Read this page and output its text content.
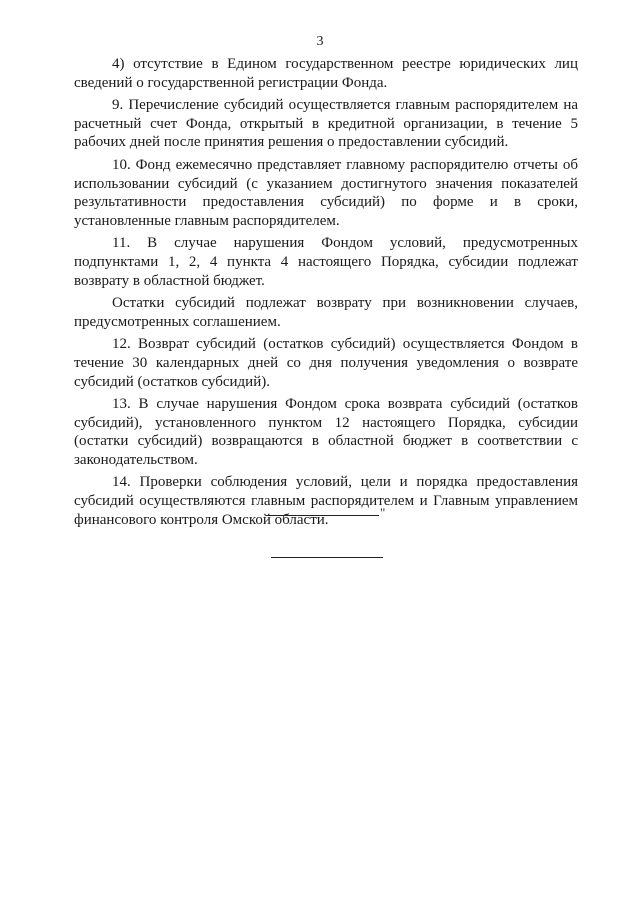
3

4) отсутствие в Едином государственном реестре юридических лиц сведений о государственной регистрации Фонда.

9. Перечисление субсидий осуществляется главным распорядителем на расчетный счет Фонда, открытый в кредитной организации, в течение 5 рабочих дней после принятия решения о предоставлении субсидий.

10. Фонд ежемесячно представляет главному распорядителю отчеты об использовании субсидий (с указанием достигнутого значения показателей результативности предоставления субсидий) по форме и в сроки, установленные главным распорядителем.

11. В случае нарушения Фондом условий, предусмотренных подпунктами 1, 2, 4 пункта 4 настоящего Порядка, субсидии подлежат возврату в областной бюджет.

Остатки субсидий подлежат возврату при возникновении случаев, предусмотренных соглашением.

12. Возврат субсидий (остатков субсидий) осуществляется Фондом в течение 30 календарных дней со дня получения уведомления о возврате субсидий (остатков субсидий).

13. В случае нарушения Фондом срока возврата субсидий (остатков субсидий), установленного пунктом 12 настоящего Порядка, субсидии (остатки субсидий) возвращаются в областной бюджет в соответствии с законодательством.

14. Проверки соблюдения условий, цели и порядка предоставления субсидий осуществляются главным распорядителем и Главным управлением финансового контроля Омской области.	"
